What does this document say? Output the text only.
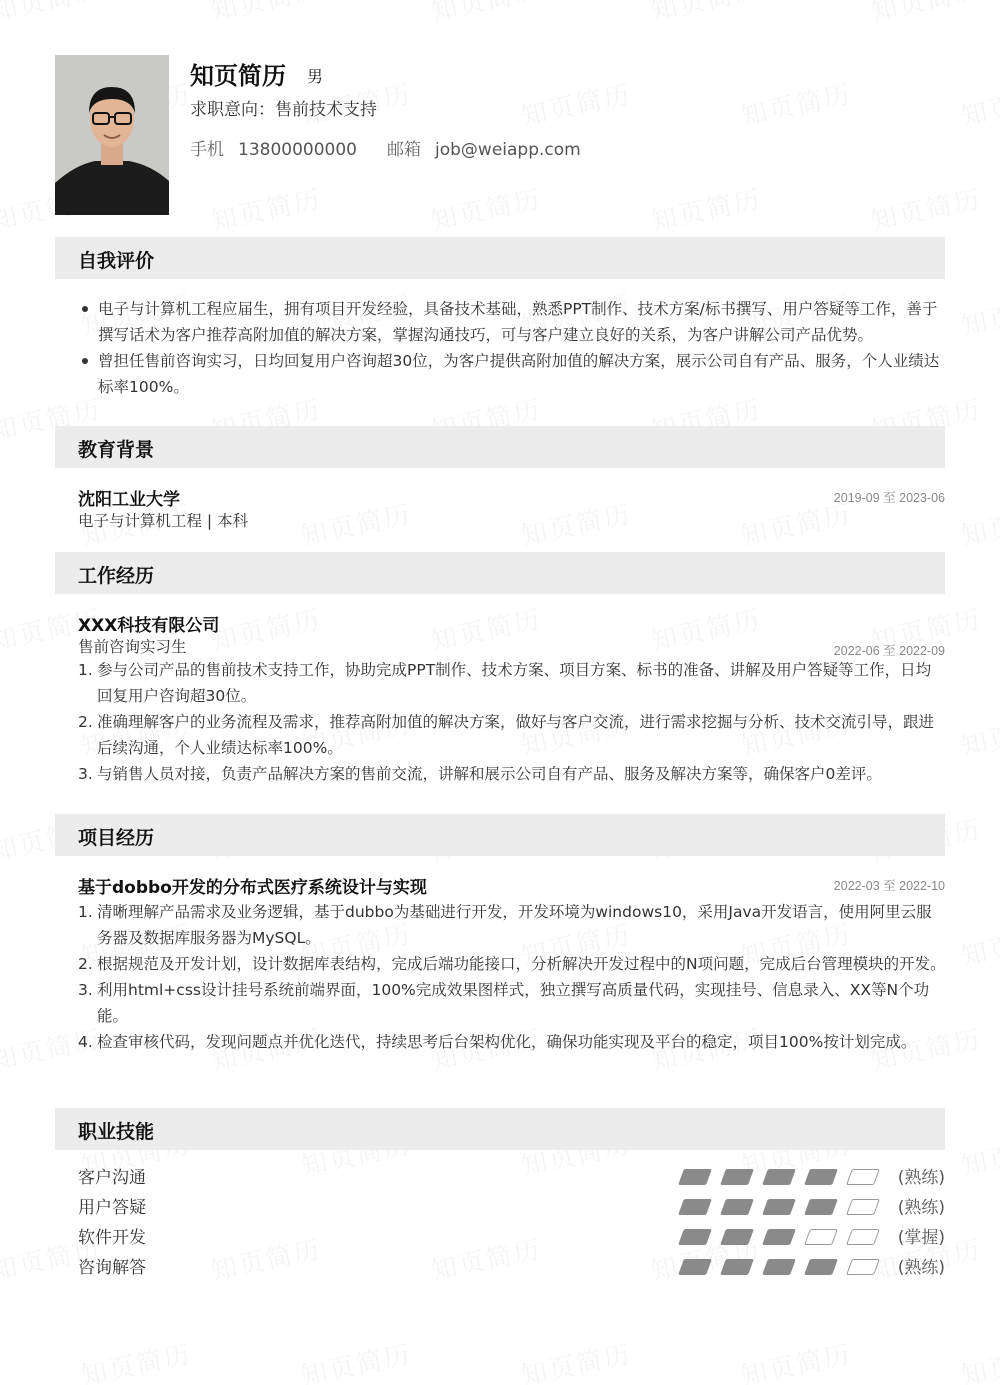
知页简历 男
求职意向：售前技术支持
手机 13800000000 邮箱 job@weiapp.com
自我评价
电子与计算机工程应届生，拥有项目开发经验，具备技术基础，熟悉PPT制作、技术方案/标书撰写、用户答疑等工作，善于撰写话术为客户推荐高附加值的解决方案，掌握沟通技巧，可与客户建立良好的关系，为客户讲解公司产品优势。
曾担任售前咨询实习，日均回复用户咨询超30位，为客户提供高附加值的解决方案，展示公司自有产品、服务，个人业绩达标率100%。
教育背景
沈阳工业大学	2019-09 至 2023-06
电子与计算机工程 | 本科
工作经历
XXX科技有限公司
售前咨询实习生	2022-06 至 2022-09
1. 参与公司产品的售前技术支持工作，协助完成PPT制作、技术方案、项目方案、标书的准备、讲解及用户答疑等工作，日均回复用户咨询超30位。
2. 准确理解客户的业务流程及需求，推荐高附加值的解决方案，做好与客户交流，进行需求挖掘与分析、技术交流引导，跟进后续沟通，个人业绩达标率100%。
3. 与销售人员对接，负责产品解决方案的售前交流，讲解和展示公司自有产品、服务及解决方案等，确保客户0差评。
项目经历
基于dobbo开发的分布式医疗系统设计与实现	2022-03 至 2022-10
1. 清晰理解产品需求及业务逻辑，基于dubbo为基础进行开发，开发环境为windows10，采用Java开发语言，使用阿里云服务器及数据库服务器为MySQL。
2. 根据规范及开发计划，设计数据库表结构，完成后端功能接口，分析解决开发过程中的N项问题，完成后台管理模块的开发。
3. 利用html+css设计挂号系统前端界面，100%完成效果图样式，独立撰写高质量代码，实现挂号、信息录入、XX等N个功能。
4. 检查审核代码，发现问题点并优化迭代，持续思考后台架构优化，确保功能实现及平台的稳定，项目100%按计划完成。
职业技能
客户沟通	(熟练)
用户答疑	(熟练)
软件开发	(掌握)
咨询解答	(熟练)
